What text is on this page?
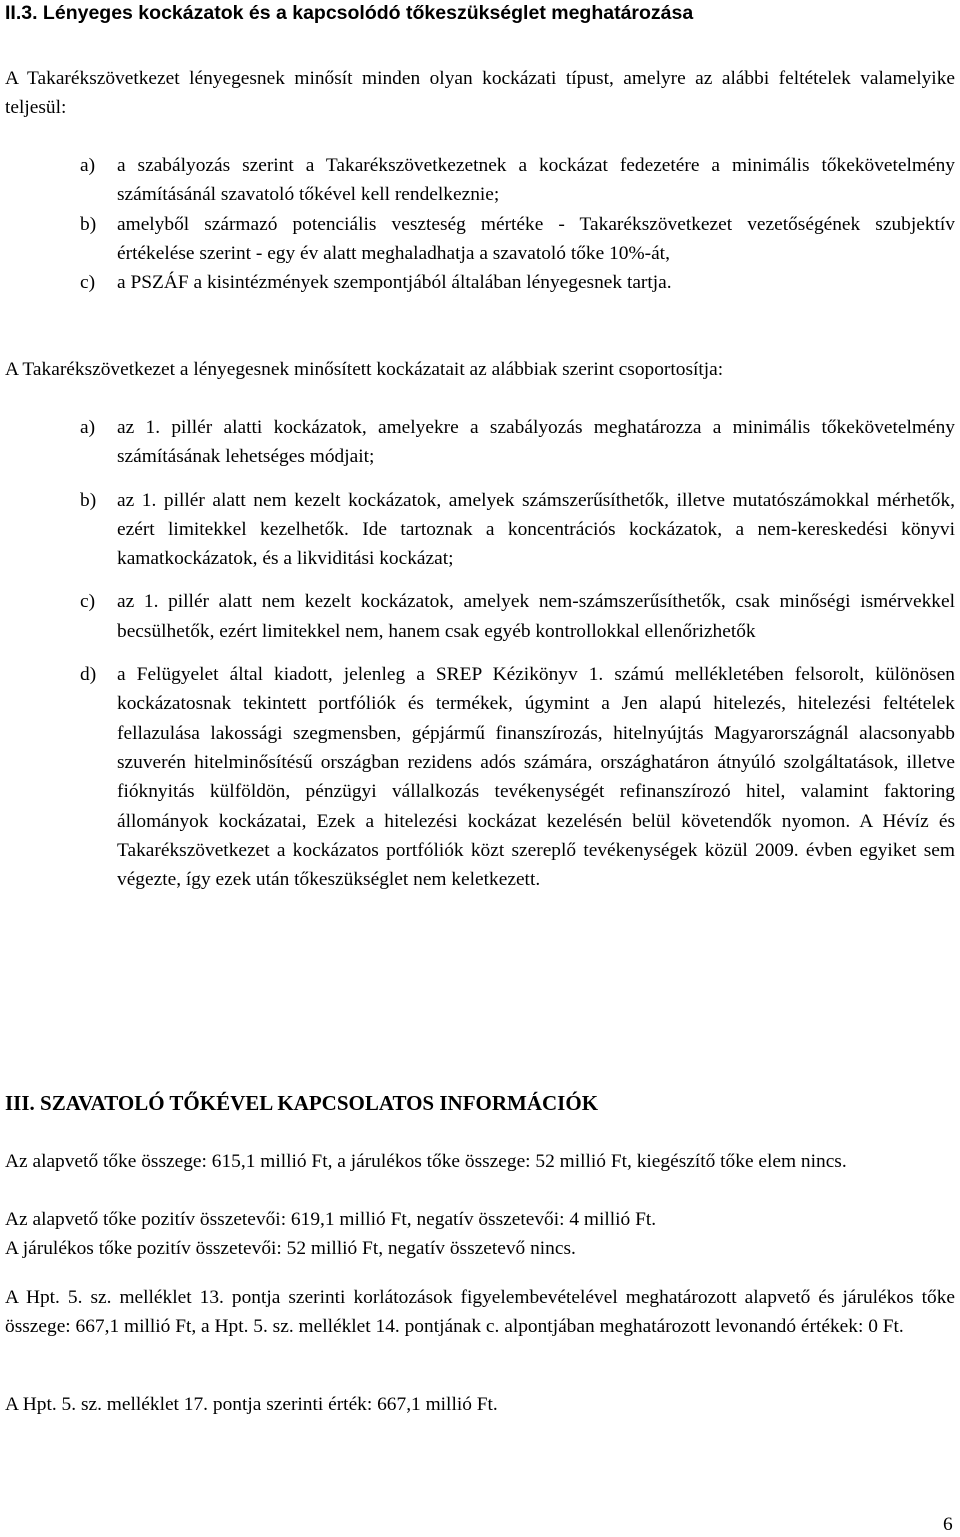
II.3. Lényeges kockázatok és a kapcsolódó tőkeszükséglet meghatározása
A Takarékszövetkezet lényegesnek minősít minden olyan kockázati típust, amelyre az alábbi feltételek valamelyike teljesül:
a) a szabályozás szerint a Takarékszövetkezetnek a kockázat fedezetére a minimális tőkekövetelmény számításánál szavatoló tőkével kell rendelkeznie;
b) amelyből származó potenciális veszteség mértéke - Takarékszövetkezet vezetőségének szubjektív értékelése szerint - egy év alatt meghaladhatja a szavatoló tőke 10%-át,
c) a PSZÁF a kisintézmények szempontjából általában lényegesnek tartja.
A Takarékszövetkezet a lényegesnek minősített kockázatait az alábbiak szerint csoportosítja:
a) az 1. pillér alatti kockázatok, amelyekre a szabályozás meghatározza a minimális tőkekövetelmény számításának lehetséges módjait;
b) az 1. pillér alatt nem kezelt kockázatok, amelyek számszerűsíthetők, illetve mutatószámokkal mérhetők, ezért limitekkel kezelhetők. Ide tartoznak a koncentrációs kockázatok, a nem-kereskedési könyvi kamatkockázatok, és a likviditási kockázat;
c) az 1. pillér alatt nem kezelt kockázatok, amelyek nem-számszerűsíthetők, csak minőségi ismérvekkel becsülhetők, ezért limitekkel nem, hanem csak egyéb kontrollokkal ellenőrizhetők
d) a Felügyelet által kiadott, jelenleg a SREP Kézikönyv 1. számú mellékletében felsorolt, különösen kockázatosnak tekintett portfóliók és termékek, úgymint a Jen alapú hitelezés, hitelezési feltételek fellazulása lakossági szegmensben, gépjármű finanszírozás, hitelnyújtás Magyarországnál alacsonyabb szuverén hitelminősítésű országban rezidens adós számára, országhatáron átnyúló szolgáltatások, illetve fióknyitás külföldön, pénzügyi vállalkozás tevékenységét refinanszírozó hitel, valamint faktoring állományok kockázatai, Ezek a hitelezési kockázat kezelésén belül követendők nyomon. A Hévíz és Takarékszövetkezet a kockázatos portfóliók közt szereplő tevékenységek közül 2009. évben egyiket sem végezte, így ezek után tőkeszükséglet nem keletkezett.
III. SZAVATOLÓ TŐKÉVEL KAPCSOLATOS INFORMÁCIÓK
Az alapvető tőke összege: 615,1 millió Ft, a járulékos tőke összege: 52 millió Ft, kiegészítő tőke elem nincs.
Az alapvető tőke pozitív összetevői: 619,1 millió Ft, negatív összetevői: 4 millió Ft.
A járulékos tőke pozitív összetevői: 52 millió Ft, negatív összetevő nincs.
A Hpt. 5. sz. melléklet 13. pontja szerinti korlátozások figyelembevételével meghatározott alapvető és járulékos tőke összege: 667,1 millió Ft, a Hpt. 5. sz. melléklet 14. pontjának c. alpontjában meghatározott levonandó értékek: 0 Ft.
A Hpt. 5. sz. melléklet 17. pontja szerinti érték: 667,1 millió Ft.
6
